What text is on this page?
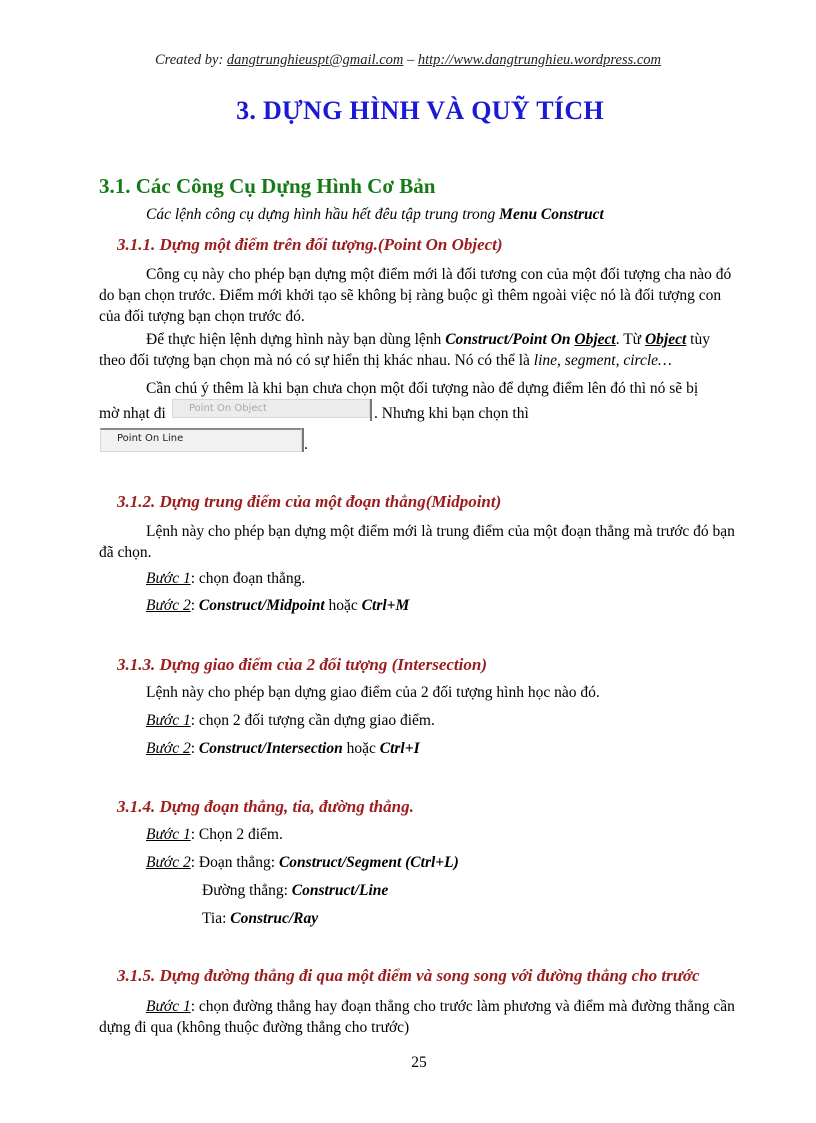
Created by: dangtrunghieuspt@gmail.com – http://www.dangtrunghieu.wordpress.com
3. DỰNG HÌNH VÀ QUỸ TÍCH
3.1. Các Công Cụ Dựng Hình Cơ Bản
Các lệnh công cụ dựng hình hầu hết đêu tập trung trong Menu Construct
3.1.1. Dựng một điểm trên đối tượng.(Point On Object)
Công cụ này cho phép bạn dựng một điểm mới là đối tương con của một đối tượng cha nào đó do bạn chọn trước. Điểm mới khởi tạo sẽ không bị ràng buộc gì thêm ngoài việc nó là đối tượng con của đối tượng bạn chọn trước đó.
Để thực hiện lệnh dựng hình này bạn dùng lệnh Construct/Point On Object. Từ Object tùy
theo đối tượng bạn chọn mà nó có sự hiển thị khác nhau. Nó có thể là line, segment, circle…
Cần chú ý thêm là khi bạn chưa chọn một đối tượng nào để dựng điểm lên đó thì nó sẽ bị
mờ nhạt đi	Point On Object	. Nhưng khi bạn chọn thì
Point On Line	.
3.1.2. Dựng trung điểm của một đoạn thẳng(Midpoint)
Lệnh này cho phép bạn dựng một điểm mới là trung điểm của một đoạn thẳng mà trước đó bạn đã chọn.
Bước 1: chọn đoạn thẳng.
Bước 2: Construct/Midpoint hoặc Ctrl+M
3.1.3. Dựng giao điểm của 2 đối tượng (Intersection)
Lệnh này cho phép bạn dựng giao điểm của 2 đối tượng hình học nào đó.
Bước 1: chọn 2 đối tượng cần dựng giao điểm.
Bước 2: Construct/Intersection hoặc Ctrl+I
3.1.4. Dựng đoạn thẳng, tia, đường thẳng.
Bước 1: Chọn 2 điểm.
Bước 2: Đoạn thẳng: Construct/Segment (Ctrl+L)
Đường thẳng: Construct/Line
Tia: Construc/Ray
3.1.5. Dựng đường thẳng đi qua một điểm và song song với đường thẳng cho trước
Bước 1: chọn đường thẳng hay đoạn thẳng cho trước làm phương và điểm mà đường thẳng cần dựng đi qua (không thuộc đường thẳng cho trước)
25
